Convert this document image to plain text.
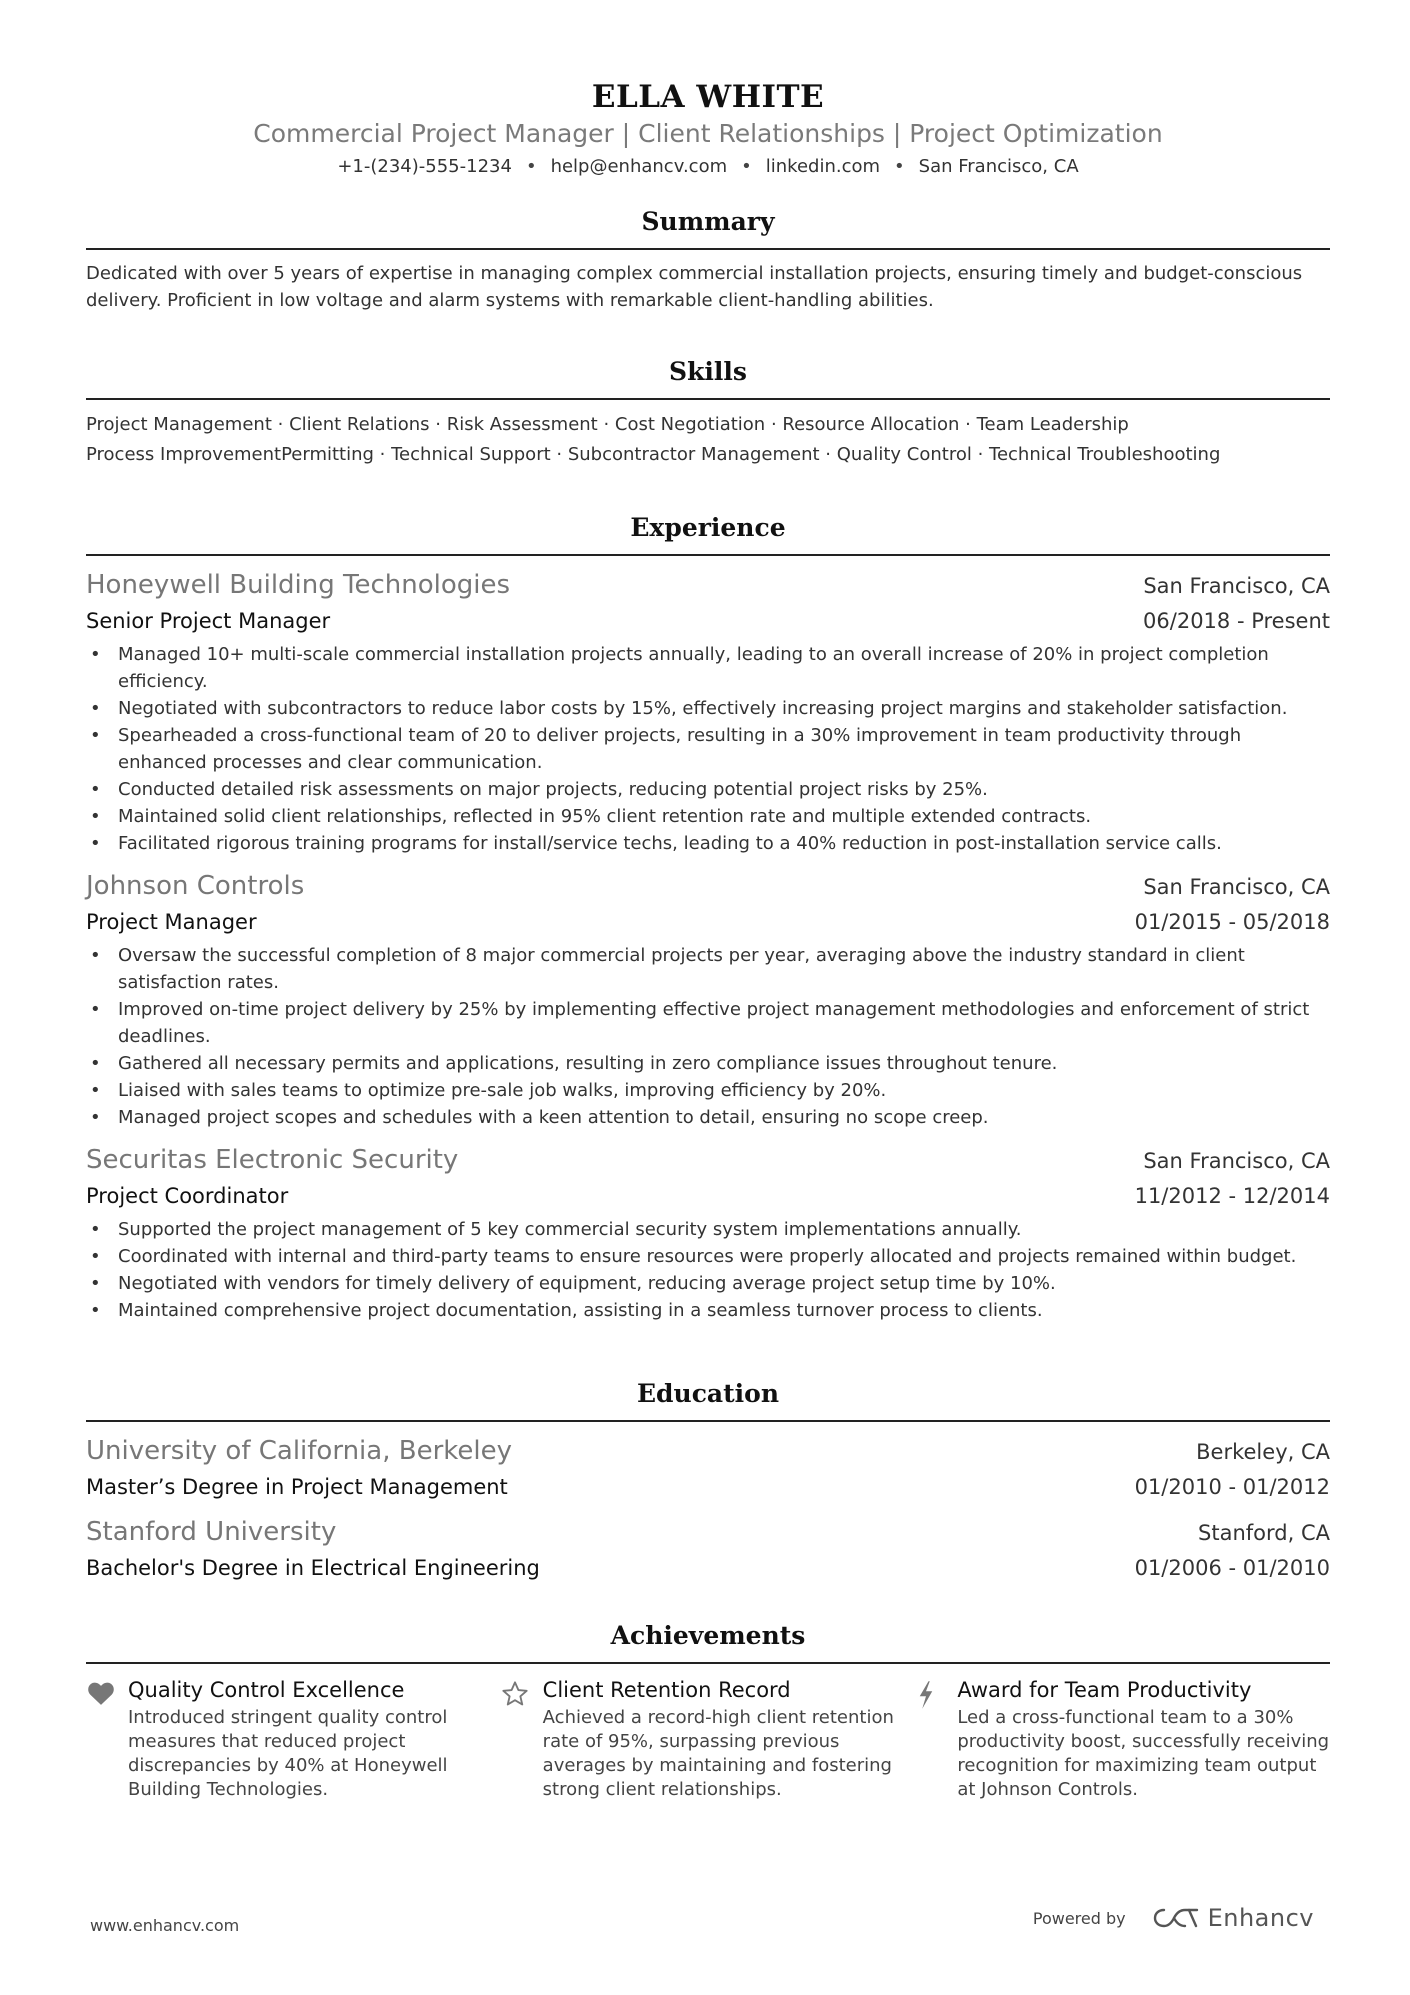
ELLA WHITE
Commercial Project Manager | Client Relationships | Project Optimization
+1-(234)-555-1234 • help@enhancv.com • linkedin.com • San Francisco, CA
Summary
Dedicated with over 5 years of expertise in managing complex commercial installation projects, ensuring timely and budget-conscious delivery. Proficient in low voltage and alarm systems with remarkable client-handling abilities.
Skills
Project Management · Client Relations · Risk Assessment · Cost Negotiation · Resource Allocation · Team Leadership
Process ImprovementPermitting · Technical Support · Subcontractor Management · Quality Control · Technical Troubleshooting
Experience
Honeywell Building Technologies	San Francisco, CA
Senior Project Manager	06/2018 - Present
• Managed 10+ multi-scale commercial installation projects annually, leading to an overall increase of 20% in project completion efficiency.
• Negotiated with subcontractors to reduce labor costs by 15%, effectively increasing project margins and stakeholder satisfaction.
• Spearheaded a cross-functional team of 20 to deliver projects, resulting in a 30% improvement in team productivity through enhanced processes and clear communication.
• Conducted detailed risk assessments on major projects, reducing potential project risks by 25%.
• Maintained solid client relationships, reflected in 95% client retention rate and multiple extended contracts.
• Facilitated rigorous training programs for install/service techs, leading to a 40% reduction in post-installation service calls.
Johnson Controls	San Francisco, CA
Project Manager	01/2015 - 05/2018
• Oversaw the successful completion of 8 major commercial projects per year, averaging above the industry standard in client satisfaction rates.
• Improved on-time project delivery by 25% by implementing effective project management methodologies and enforcement of strict deadlines.
• Gathered all necessary permits and applications, resulting in zero compliance issues throughout tenure.
• Liaised with sales teams to optimize pre-sale job walks, improving efficiency by 20%.
• Managed project scopes and schedules with a keen attention to detail, ensuring no scope creep.
Securitas Electronic Security	San Francisco, CA
Project Coordinator	11/2012 - 12/2014
• Supported the project management of 5 key commercial security system implementations annually.
• Coordinated with internal and third-party teams to ensure resources were properly allocated and projects remained within budget.
• Negotiated with vendors for timely delivery of equipment, reducing average project setup time by 10%.
• Maintained comprehensive project documentation, assisting in a seamless turnover process to clients.
Education
University of California, Berkeley	Berkeley, CA
Master’s Degree in Project Management	01/2010 - 01/2012
Stanford University	Stanford, CA
Bachelor's Degree in Electrical Engineering	01/2006 - 01/2010
Achievements
Quality Control Excellence
Introduced stringent quality control measures that reduced project discrepancies by 40% at Honeywell Building Technologies.
Client Retention Record
Achieved a record-high client retention rate of 95%, surpassing previous averages by maintaining and fostering strong client relationships.
Award for Team Productivity
Led a cross-functional team to a 30% productivity boost, successfully receiving recognition for maximizing team output at Johnson Controls.
www.enhancv.com	Powered by	Enhancv
